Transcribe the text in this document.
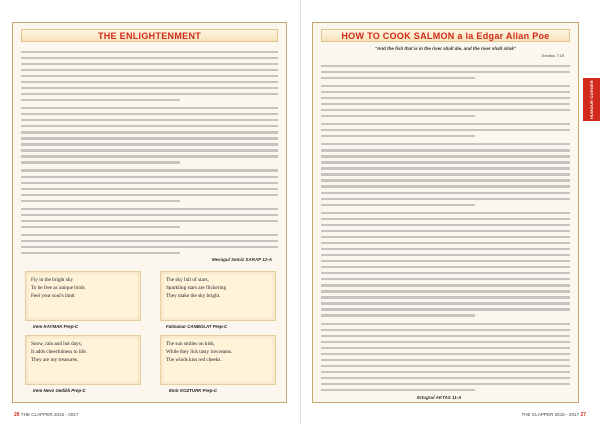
THE ENLIGHTENMENT
Mesagul Semiz SARAP 12-A
Fly in the bright sky
To be free as unique birds
Feel your soul's limit
Irem KAYMAK Prep-C
The sky full of stars,
Sparkling stars are flickering
They make the sky bright.
Fatmanur CANBOLAT Prep-C
Snow, rain and hot days,
It adds cheerfulness to life.
They are my treasures.
Irem Nevo Gedikli Prep-C
The sun smiles on kids,
While they lick tasty icecreams.
The winds kiss red cheeks.
Emir KOZTURK Prep-C
26 THE CLAPPER 2016 - 2017
HOW TO COOK SALMON a la Edgar Allan Poe
"And the fish that is in the river shall die, and the river shall stink"
Exodus 7:18
Ertugrul AKTAS 11-A
THE CLAPPER 2016 - 2017 27
HUMOUR CORNER
